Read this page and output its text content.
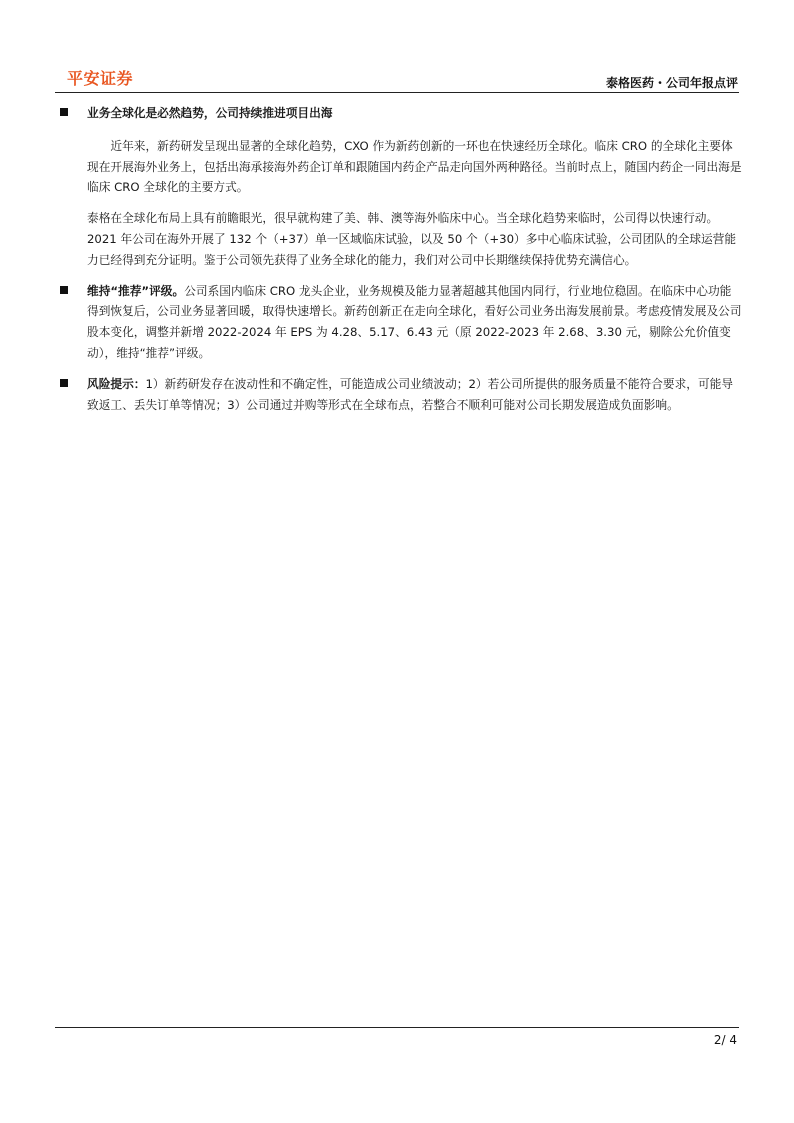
平安证券	泰格医药・公司年报点评
业务全球化是必然趋势，公司持续推进项目出海
近年来，新药研发呈现出显著的全球化趋势，CXO 作为新药创新的一环也在快速经历全球化。临床 CRO 的全球化主要体现在开展海外业务上，包括出海承接海外药企订单和跟随国内药企产品走向国外两种路径。当前时点上，随国内药企一同出海是临床 CRO 全球化的主要方式。
泰格在全球化布局上具有前瞻眼光，很早就构建了美、韩、澳等海外临床中心。当全球化趋势来临时，公司得以快速行动。2021 年公司在海外开展了 132 个（+37）单一区域临床试验，以及 50 个（+30）多中心临床试验，公司团队的全球运营能力已经得到充分证明。鉴于公司领先获得了业务全球化的能力，我们对公司中长期继续保持优势充满信心。
维持“推荐”评级。公司系国内临床 CRO 龙头企业，业务规模及能力显著超越其他国内同行，行业地位稳固。在临床中心功能得到恢复后，公司业务显著回暖，取得快速增长。新药创新正在走向全球化，看好公司业务出海发展前景。考虑疫情发展及公司股本变化，调整并新增 2022-2024 年 EPS 为 4.28、5.17、6.43 元（原 2022-2023 年 2.68、3.30 元，剔除公允价值变动），维持“推荐”评级。
风险提示：1）新药研发存在波动性和不确定性，可能造成公司业绩波动；2）若公司所提供的服务质量不能符合要求，可能导致返工、丢失订单等情况；3）公司通过并购等形式在全球布点，若整合不顺利可能对公司长期发展造成负面影响。
2/ 4
